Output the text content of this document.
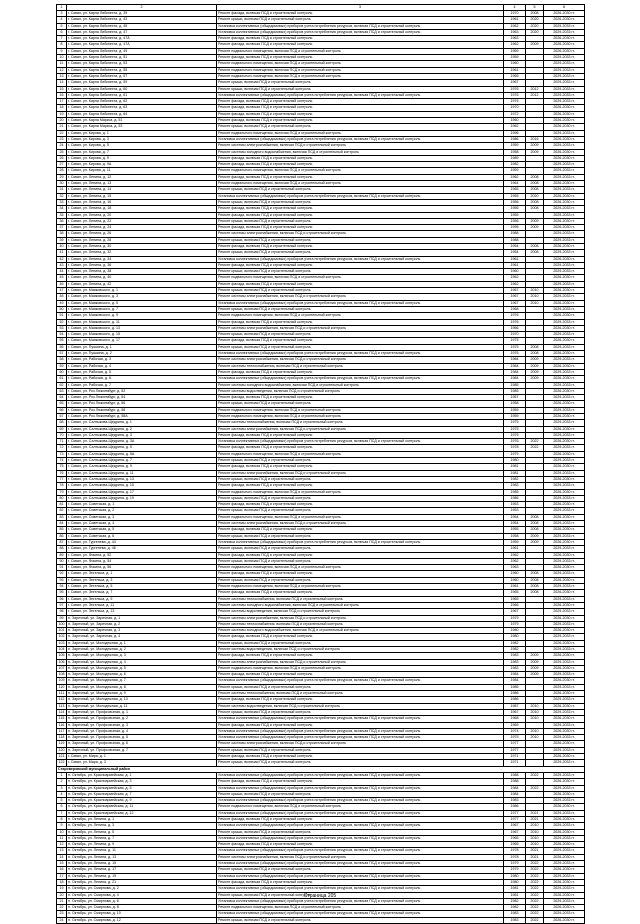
1	2	3	4	5	6
3	г. Сквал, ул. Карла Либкнехта, д. 39	Ремонт фасада, включая ПСД и строительный контроль	1970	2008	2026-2030 гг.
4	г. Сквал, ул. Карла Либкнехта, д. 43	Ремонт крыши, включая ПСД и строительный контроль	1961	2020	2026-2030 гг.
5	г. Сквал, ул. Карла Либкнехта, д. 45	Установка коллективных (общедомовых) приборов учета потребления ресурсов, включая ПСД и строительный контроль	1962	2020	2029-2033 гг.
6	г. Сквал, ул. Карла Либкнехта, д. 47	Установка коллективных (общедомовых) приборов учета потребления ресурсов, включая ПСД и строительный контроль	1963	2020	2029-2033 гг.
7	г. Сквал, ул. Карла Либкнехта, д. 47А	Ремонт фасада, включая ПСД и строительный контроль	1963		2026-2030 гг.
8	г. Сквал, ул. Карла Либкнехта, д. 47А	Ремонт фасада, включая ПСД и строительный контроль	1962	2009	2026-2030 гг.
9	г. Сквал, ул. Карла Либкнехта, д. 49	Ремонт подвального помещения, включая ПСД и строительный контроль	1969		2026-2030 гг.
10	г. Сквал, ул. Карла Либкнехта, д. 51	Ремонт фасада, включая ПСД и строительный контроль	1959		2029-2033 гг.
11	г. Сквал, ул. Карла Либкнехта, д. 53	Ремонт подвального помещения, включая ПСД и строительный контроль	1960		2029-2033 гг.
12	г. Сквал, ул. Карла Либкнехта, д. 55	Ремонт подвального помещения, включая ПСД и строительный контроль	1961		2029-2033 гг.
13	г. Сквал, ул. Карла Либкнехта, д. 57	Ремонт подвального помещения, включая ПСД и строительный контроль	1965		2029-2033 гг.
14	г. Сквал, ул. Карла Либкнехта, д. 59	Ремонт крыши, включая ПСД и строительный контроль	1967		2029-2033 гг.
15	г. Сквал, ул. Карла Либкнехта, д. 60	Ремонт крыши, включая ПСД и строительный контроль	1976	2012	2029-2033 гг.
16	г. Сквал, ул. Карла Либкнехта, д. 61	Установка коллективных (общедомовых) приборов учета потребления ресурсов, включая ПСД и строительный контроль	1976	2012	2029-2033 гг.
17	г. Сквал, ул. Карла Либкнехта, д. 62	Ремонт фасада, включая ПСД и строительный контроль	1976		2029-2033 гг.
18	г. Сквал, ул. Карла Либкнехта, д. 63	Ремонт фасада, включая ПСД и строительный контроль	1970		2026-2030 гг.
19	г. Сквал, ул. Карла Либкнехта, д. 64	Ремонт фасада, включая ПСД и строительный контроль	1972		2026-2030 гг.
20	г. Сквал, ул. Карла Маркса, д. 51	Ремонт фасада, включая ПСД и строительный контроль	1960		2026-2030 гг.
21	г. Сквал, ул. Карла Маркса, д. 53	Ремонт крыши, включая ПСД и строительный контроль	1962		2026-2030 гг.
22	г. Сквал, ул. Кирова, д. 1	Ремонт подвального помещения, включая ПСД и строительный контроль	1996		2029-2033 гг.
23	г. Сквал, ул. Кирова, д. 3	Установка коллективных (общедомовых) приборов учета потребления ресурсов, включая ПСД и строительный контроль	1986	2016	2026-2030 гг.
24	г. Сквал, ул. Кирова, д. 5	Ремонт системы электроснабжения, включая ПСД и строительный контроль	1959	2009	2029-2033 гг.
25	г. Сквал, ул. Кирова, д. 7	Ремонт системы холодного водоснабжения, включая ПСД и строительный контроль	1958	2009	2026-2030 гг.
26	г. Сквал, ул. Кирова, д. 9	Ремонт фасада, включая ПСД и строительный контроль	1989		2026-2030 гг.
27	г. Сквал, ул. Кирова, д. 9А	Ремонт фасада, включая ПСД и строительный контроль	1982		2029-2033 гг.
28	г. Сквал, ул. Кирова, д. 11	Ремонт подвального помещения, включая ПСД и строительный контроль	1959		2029-2033 гг.
29	г. Сквал, ул. Ленина, д. 12	Ремонт фасада, включая ПСД и строительный контроль	1962	2008	2029-2033 гг.
30	г. Сквал, ул. Ленина, д. 13	Ремонт подвального помещения, включая ПСД и строительный контроль	1964	2008	2026-2030 гг.
31	г. Сквал, ул. Ленина, д. 14	Ремонт крыши, включая ПСД и строительный контроль	1965	2008	2029-2033 гг.
32	г. Сквал, ул. Ленина, д. 15	Установка коллективных (общедомовых) приборов учета потребления ресурсов, включая ПСД и строительный контроль	1955	2020	2026-2030 гг.
33	г. Сквал, ул. Ленина, д. 16	Ремонт крыши, включая ПСД и строительный контроль	1956	2008	2026-2030 гг.
34	г. Сквал, ул. Ленина, д. 18	Ремонт фасада, включая ПСД и строительный контроль	1956	2008	2029-2033 гг.
35	г. Сквал, ул. Ленина, д. 20	Ремонт фасада, включая ПСД и строительный контроль	1955		2029-2033 гг.
36	г. Сквал, ул. Ленина, д. 22	Ремонт крыши, включая ПСД и строительный контроль	1956	2009	2026-2030 гг.
37	г. Сквал, ул. Ленина, д. 24	Ремонт фасада, включая ПСД и строительный контроль	1995	2009	2026-2030 гг.
38	г. Сквал, ул. Ленина, д. 26	Ремонт системы электроснабжения, включая ПСД и строительный контроль	1988		2029-2033 гг.
39	г. Сквал, ул. Ленина, д. 28	Ремонт крыши, включая ПСД и строительный контроль	1988		2029-2033 гг.
40	г. Сквал, ул. Ленина, д. 30	Ремонт фасада, включая ПСД и строительный контроль	1954	2008	2026-2030 гг.
41	г. Сквал, ул. Ленина, д. 32	Ремонт крыши, включая ПСД и строительный контроль	1954	2008	2029-2033 гг.
42	г. Сквал, ул. Ленина, д. 34	Установка коллективных (общедомовых) приборов учета потребления ресурсов, включая ПСД и строительный контроль	1961		2026-2030 гг.
43	г. Сквал, ул. Ленина, д. 36	Ремонт фасада, включая ПСД и строительный контроль	1961		2029-2033 гг.
44	г. Сквал, ул. Ленина, д. 38	Ремонт крыши, включая ПСД и строительный контроль	1960		2029-2033 гг.
45	г. Сквал, ул. Ленина, д. 40	Ремонт подвального помещения, включая ПСД и строительный контроль	1962		2026-2030 гг.
46	г. Сквал, ул. Ленина, д. 42	Ремонт фасада, включая ПСД и строительный контроль	1962		2029-2033 гг.
47	г. Сквал, ул. Маяковского, д. 1	Ремонт крыши, включая ПСД и строительный контроль	1967	2010	2026-2030 гг.
48	г. Сквал, ул. Маяковского, д. 3	Ремонт системы электроснабжения, включая ПСД и строительный контроль	1967	2010	2029-2033 гг.
49	г. Сквал, ул. Маяковского, д. 5	Установка коллективных (общедомовых) приборов учета потребления ресурсов, включая ПСД и строительный контроль	1967	2010	2026-2030 гг.
50	г. Сквал, ул. Маяковского, д. 7	Ремонт крыши, включая ПСД и строительный контроль	1968		2029-2033 гг.
51	г. Сквал, ул. Маяковского, д. 9	Ремонт подвального помещения, включая ПСД и строительный контроль	1976		2026-2030 гг.
52	г. Сквал, ул. Маяковского, д. 11	Ремонт фасада, включая ПСД и строительный контроль	1976		2029-2033 гг.
53	г. Сквал, ул. Маяковского, д. 13	Ремонт системы электроснабжения, включая ПСД и строительный контроль	1966		2026-2030 гг.
54	г. Сквал, ул. Маяковского, д. 15	Ремонт крыши, включая ПСД и строительный контроль	1970		2029-2033 гг.
55	г. Сквал, ул. Маяковского, д. 17	Ремонт фасада, включая ПСД и строительный контроль	1975		2026-2030 гг.
56	г. Сквал, ул. Пушкина, д. 1	Ремонт крыши, включая ПСД и строительный контроль	1975	2008	2029-2033 гг.
57	г. Сквал, ул. Пушкина, д. 2	Установка коллективных (общедомовых) приборов учета потребления ресурсов, включая ПСД и строительный контроль	1976	2008	2026-2030 гг.
58	г. Сквал, ул. Рабочая, д. 3	Ремонт системы электроснабжения, включая ПСД и строительный контроль	1984	2009	2029-2033 гг.
59	г. Сквал, ул. Рабочая, д. 4	Ремонт системы теплоснабжения, включая ПСД и строительный контроль	1984	2009	2026-2030 гг.
60	г. Сквал, ул. Рабочая, д. 5	Ремонт фасада, включая ПСД и строительный контроль	1984	2009	2029-2033 гг.
61	г. Сквал, ул. Рабочая, д. 6	Установка коллективных (общедомовых) приборов учета потребления ресурсов, включая ПСД и строительный контроль	1984	2009	2026-2030 гг.
62	г. Сквал, ул. Рабочая, д. 7	Ремонт системы холодного водоснабжения, включая ПСД и строительный контроль	1985		2029-2033 гг.
63	г. Сквал, ул. Роз Люксембург, д. 52	Ремонт системы водоотведения, включая ПСД и строительный контроль	1985		2026-2030 гг.
64	г. Сквал, ул. Роз Люксембург, д. 54	Ремонт фасада, включая ПСД и строительный контроль	1957		2029-2033 гг.
65	г. Сквал, ул. Роз Люксембург, д. 56	Ремонт крыши, включая ПСД и строительный контроль	1958		2026-2030 гг.
66	г. Сквал, ул. Роз Люксембург, д. 58	Ремонт подвального помещения, включая ПСД и строительный контроль	1959		2029-2033 гг.
67	г. Сквал, ул. Роз Люксембург, д. 58А	Ремонт подвального помещения, включая ПСД и строительный контроль	1959		2026-2030 гг.
68	г. Сквал, ул. Салтыкова-Щедрина, д. 1	Ремонт системы теплоснабжения, включая ПСД и строительный контроль	1975		2029-2033 гг.
69	г. Сквал, ул. Салтыкова-Щедрина, д. 2	Ремонт системы электроснабжения, включая ПСД и строительный контроль	1975		2026-2030 гг.
70	г. Сквал, ул. Салтыкова-Щедрина, д. 3	Ремонт фасада, включая ПСД и строительный контроль	1976		2029-2033 гг.
71	г. Сквал, ул. Салтыкова-Щедрина, д. 3А	Установка коллективных (общедомовых) приборов учета потребления ресурсов, включая ПСД и строительный контроль	1976	2022	2026-2030 гг.
72	г. Сквал, ул. Салтыкова-Щедрина, д. 5	Ремонт фасада, включая ПСД и строительный контроль	1978	2022	2029-2033 гг.
73	г. Сквал, ул. Салтыкова-Щедрина, д. 5А	Ремонт подвального помещения, включая ПСД и строительный контроль	1979		2026-2030 гг.
74	г. Сквал, ул. Салтыкова-Щедрина, д. 7	Ремонт крыши, включая ПСД и строительный контроль	1980		2029-2033 гг.
75	г. Сквал, ул. Салтыкова-Щедрина, д. 9	Ремонт фасада, включая ПСД и строительный контроль	1981		2026-2030 гг.
76	г. Сквал, ул. Салтыкова-Щедрина, д. 11	Ремонт системы электроснабжения, включая ПСД и строительный контроль	1981		2029-2033 гг.
77	г. Сквал, ул. Салтыкова-Щедрина, д. 13	Ремонт крыши, включая ПСД и строительный контроль	1982		2026-2030 гг.
78	г. Сквал, ул. Салтыкова-Щедрина, д. 15	Ремонт фасада, включая ПСД и строительный контроль	1983		2029-2033 гг.
79	г. Сквал, ул. Салтыкова-Щедрина, д. 17	Ремонт подвального помещения, включая ПСД и строительный контроль	1985		2026-2030 гг.
80	г. Сквал, ул. Салтыкова-Щедрина, д. 19	Ремонт крыши, включая ПСД и строительный контроль	1986		2029-2033 гг.
81	г. Сквал, ул. Советская, д. 1	Ремонт фасада, включая ПСД и строительный контроль	1953		2026-2030 гг.
82	г. Сквал, ул. Советская, д. 2	Ремонт крыши, включая ПСД и строительный контроль	1953		2029-2033 гг.
83	г. Сквал, ул. Советская, д. 3	Ремонт подвального помещения, включая ПСД и строительный контроль	1954	2008	2026-2030 гг.
84	г. Сквал, ул. Советская, д. 4	Ремонт системы электроснабжения, включая ПСД и строительный контроль	1954	2008	2029-2033 гг.
85	г. Сквал, ул. Советская, д. 5	Ремонт фасада, включая ПСД и строительный контроль	1955	2008	2026-2030 гг.
86	г. Сквал, ул. Советская, д. 6	Ремонт крыши, включая ПСД и строительный контроль	1958	2009	2029-2033 гг.
87	г. Сквал, ул. Тургенева, д. 44	Установка коллективных (общедомовых) приборов учета потребления ресурсов, включая ПСД и строительный контроль	1959	2009	2026-2030 гг.
88	г. Сквал, ул. Тургенева, д. 46	Ремонт крыши, включая ПСД и строительный контроль	1961		2029-2033 гг.
89	г. Сквал, ул. Фокина, д. 52	Ремонт фасада, включая ПСД и строительный контроль	1962		2026-2030 гг.
90	г. Сквал, ул. Фокина, д. 54	Ремонт крыши, включая ПСД и строительный контроль	1962		2029-2033 гг.
91	г. Сквал, ул. Фокина, д. 56	Ремонт подвального помещения, включая ПСД и строительный контроль	1963		2026-2030 гг.
92	г. Сквал, ул. Энгельса, д. 1	Ремонт фасада, включая ПСД и строительный контроль	1960	2008	2029-2033 гг.
93	г. Сквал, ул. Энгельса, д. 3	Ремонт крыши, включая ПСД и строительный контроль	1960	2008	2026-2030 гг.
94	г. Сквал, ул. Энгельса, д. 5	Ремонт подвального помещения, включая ПСД и строительный контроль	1961	2008	2029-2033 гг.
95	г. Сквал, ул. Энгельса, д. 7	Ремонт фасада, включая ПСД и строительный контроль	1965	2008	2026-2030 гг.
96	г. Сквал, ул. Энгельса, д. 9	Ремонт системы теплоснабжения, включая ПСД и строительный контроль	1965		2029-2033 гг.
97	г. Сквал, ул. Энгельса, д. 11	Ремонт системы холодного водоснабжения, включая ПСД и строительный контроль	1966		2026-2030 гг.
98	г. Сквал, ул. Энгельса, д. 13	Ремонт системы водоотведения, включая ПСД и строительный контроль	1967		2029-2033 гг.
99	п. Заречный, ул. Заречная, д. 1	Ремонт системы электроснабжения, включая ПСД и строительный контроль	1979		2026-2030 гг.
100	п. Заречный, ул. Заречная, д. 2	Ремонт системы теплоснабжения, включая ПСД и строительный контроль	1979		2029-2033 гг.
101	п. Заречный, ул. Заречная, д. 3	Ремонт системы холодного водоснабжения, включая ПСД и строительный контроль	1980		2026-2030 гг.
102	п. Заречный, ул. Заречная, д. 4	Ремонт фасада, включая ПСД и строительный контроль	1980		2029-2033 гг.
103	п. Заречный, ул. Молодежная, д. 1	Ремонт крыши, включая ПСД и строительный контроль	1982		2026-2030 гг.
104	п. Заречный, ул. Молодежная, д. 2	Ремонт системы водоотведения, включая ПСД и строительный контроль	1982		2029-2033 гг.
105	п. Заречный, ул. Молодежная, д. 3	Ремонт фасада, включая ПСД и строительный контроль	1983	2009	2026-2030 гг.
106	п. Заречный, ул. Молодежная, д. 4	Ремонт системы электроснабжения, включая ПСД и строительный контроль	1983	2009	2029-2033 гг.
107	п. Заречный, ул. Молодежная, д. 5	Ремонт подвального помещения, включая ПСД и строительный контроль	1983	2009	2026-2030 гг.
108	п. Заречный, ул. Молодежная, д. 6	Ремонт фасада, включая ПСД и строительный контроль	1984	2009	2029-2033 гг.
109	п. Заречный, ул. Молодежная, д. 7	Установка коллективных (общедомовых) приборов учета потребления ресурсов, включая ПСД и строительный контроль	1984		2026-2030 гг.
110	п. Заречный, ул. Молодежная, д. 8	Ремонт крыши, включая ПСД и строительный контроль	1985		2029-2033 гг.
111	п. Заречный, ул. Молодежная, д. 9	Ремонт системы теплоснабжения, включая ПСД и строительный контроль	1986		2026-2030 гг.
112	п. Заречный, ул. Молодежная, д. 10	Ремонт фасада, включая ПСД и строительный контроль	1986		2029-2033 гг.
113	п. Заречный, ул. Молодежная, д. 11	Ремонт системы водоотведения, включая ПСД и строительный контроль	1987	2010	2026-2030 гг.
114	п. Заречный, ул. Профсоюзная, д. 1	Ремонт крыши, включая ПСД и строительный контроль	1967	2010	2029-2033 гг.
115	п. Заречный, ул. Профсоюзная, д. 2	Установка коллективных (общедомовых) приборов учета потребления ресурсов, включая ПСД и строительный контроль	1968	2010	2026-2030 гг.
116	п. Заречный, ул. Профсоюзная, д. 3	Ремонт фасада, включая ПСД и строительный контроль	1969		2029-2033 гг.
117	п. Заречный, ул. Профсоюзная, д. 4	Установка коллективных (общедомовых) приборов учета потребления ресурсов, включая ПСД и строительный контроль	1974	2010	2026-2030 гг.
118	п. Заречный, ул. Профсоюзная, д. 5	Установка коллективных (общедомовых) приборов учета потребления ресурсов, включая ПСД и строительный контроль	1975	2010	2029-2033 гг.
119	п. Заречный, ул. Профсоюзная, д. 6	Ремонт системы электроснабжения, включая ПСД и строительный контроль	1977		2026-2030 гг.
120	п. Заречный, ул. Профсоюзная, д. 7	Ремонт крыши, включая ПСД и строительный контроль	1977		2029-2033 гг.
121	г. Сквал, ул. Мира, д. 1	Ремонт фасада, включая ПСД и строительный контроль	1971		2026-2030 гг.
122	г. Сквал, ул. Мира, д. 3	Ремонт крыши, включая ПСД и строительный контроль	1971		2029-2033 гг.
Староверовский муниципальный район					
1	п. Октябрь, ул. Красноармейская, д. 1	Установка коллективных (общедомовых) приборов учета потребления ресурсов, включая ПСД и строительный контроль	1988	2022	2029-2033 гг.
2	п. Октябрь, ул. Красноармейская, д. 3	Ремонт фасада, включая ПСД и строительный контроль	1988		2026-2030 гг.
3	п. Октябрь, ул. Красноармейская, д. 5	Установка коллективных (общедомовых) приборов учета потребления ресурсов, включая ПСД и строительный контроль	1984	2022	2029-2033 гг.
4	п. Октябрь, ул. Красноармейская, д. 7	Ремонт крыши, включая ПСД и строительный контроль	1984		2026-2030 гг.
5	п. Октябрь, ул. Красноармейская, д. 9	Установка коллективных (общедомовых) приборов учета потребления ресурсов, включая ПСД и строительный контроль	1983		2029-2033 гг.
6	п. Октябрь, ул. Красноармейская, д. 11	Ремонт подвального помещения, включая ПСД и строительный контроль	1986		2026-2030 гг.
7	п. Октябрь, ул. Красноармейская, д. 12	Установка коллективных (общедомовых) приборов учета потребления ресурсов, включая ПСД и строительный контроль	1977	2021	2029-2033 гг.
8	п. Октябрь, ул. Ленина, д. 1	Ремонт фасада, включая ПСД и строительный контроль	1977	2021	2026-2030 гг.
9	п. Октябрь, ул. Ленина, д. 3	Установка коллективных (общедомовых) приборов учета потребления ресурсов, включая ПСД и строительный контроль	1967	2010	2029-2033 гг.
10	п. Октябрь, ул. Ленина, д. 5	Ремонт крыши, включая ПСД и строительный контроль	1967	2010	2026-2030 гг.
11	п. Октябрь, ул. Ленина, д. 7	Установка коллективных (общедомовых) приборов учета потребления ресурсов, включая ПСД и строительный контроль	1965	2010	2029-2033 гг.
12	п. Октябрь, ул. Ленина, д. 9	Ремонт фасада, включая ПСД и строительный контроль	1965	2010	2026-2030 гг.
13	п. Октябрь, ул. Ленина, д. 11	Установка коллективных (общедомовых) приборов учета потребления ресурсов, включая ПСД и строительный контроль	1978	2021	2029-2033 гг.
14	п. Октябрь, ул. Ленина, д. 13	Ремонт системы электроснабжения, включая ПСД и строительный контроль	1978	2021	2026-2030 гг.
15	п. Октябрь, ул. Ленина, д. 15	Установка коллективных (общедомовых) приборов учета потребления ресурсов, включая ПСД и строительный контроль	1979	2022	2029-2033 гг.
16	п. Октябрь, ул. Ленина, д. 17	Ремонт крыши, включая ПСД и строительный контроль	1979	2022	2026-2030 гг.
17	п. Октябрь, ул. Ленина, д. 19	Установка коллективных (общедомовых) приборов учета потребления ресурсов, включая ПСД и строительный контроль	1980	2022	2029-2033 гг.
18	п. Октябрь, ул. Ленина, д. 21	Ремонт фасада, включая ПСД и строительный контроль	1980	2022	2026-2030 гг.
19	п. Октябрь, ул. Смирнова, д. 2	Установка коллективных (общедомовых) приборов учета потребления ресурсов, включая ПСД и строительный контроль	1981	2022	2029-2033 гг.
20	п. Октябрь, ул. Смирнова, д. 4	Ремонт крыши, включая ПСД и строительный контроль	1981	2022	2026-2030 гг.
21	п. Октябрь, ул. Смирнова, д. 6	Установка коллективных (общедомовых) приборов учета потребления ресурсов, включая ПСД и строительный контроль	1982	2022	2029-2033 гг.
22	п. Октябрь, ул. Смирнова, д. 8	Ремонт подвального помещения, включая ПСД и строительный контроль	1982	2022	2026-2030 гг.
23	п. Октябрь, ул. Смирнова, д. 10	Установка коллективных (общедомовых) приборов учета потребления ресурсов, включая ПСД и строительный контроль	1983	2022	2029-2033 гг.
24	п. Октябрь, ул. Смирнова, д. 12	Ремонт крыши, включая ПСД и строительный контроль	1983	2022	2026-2030 гг.
Страница 205
